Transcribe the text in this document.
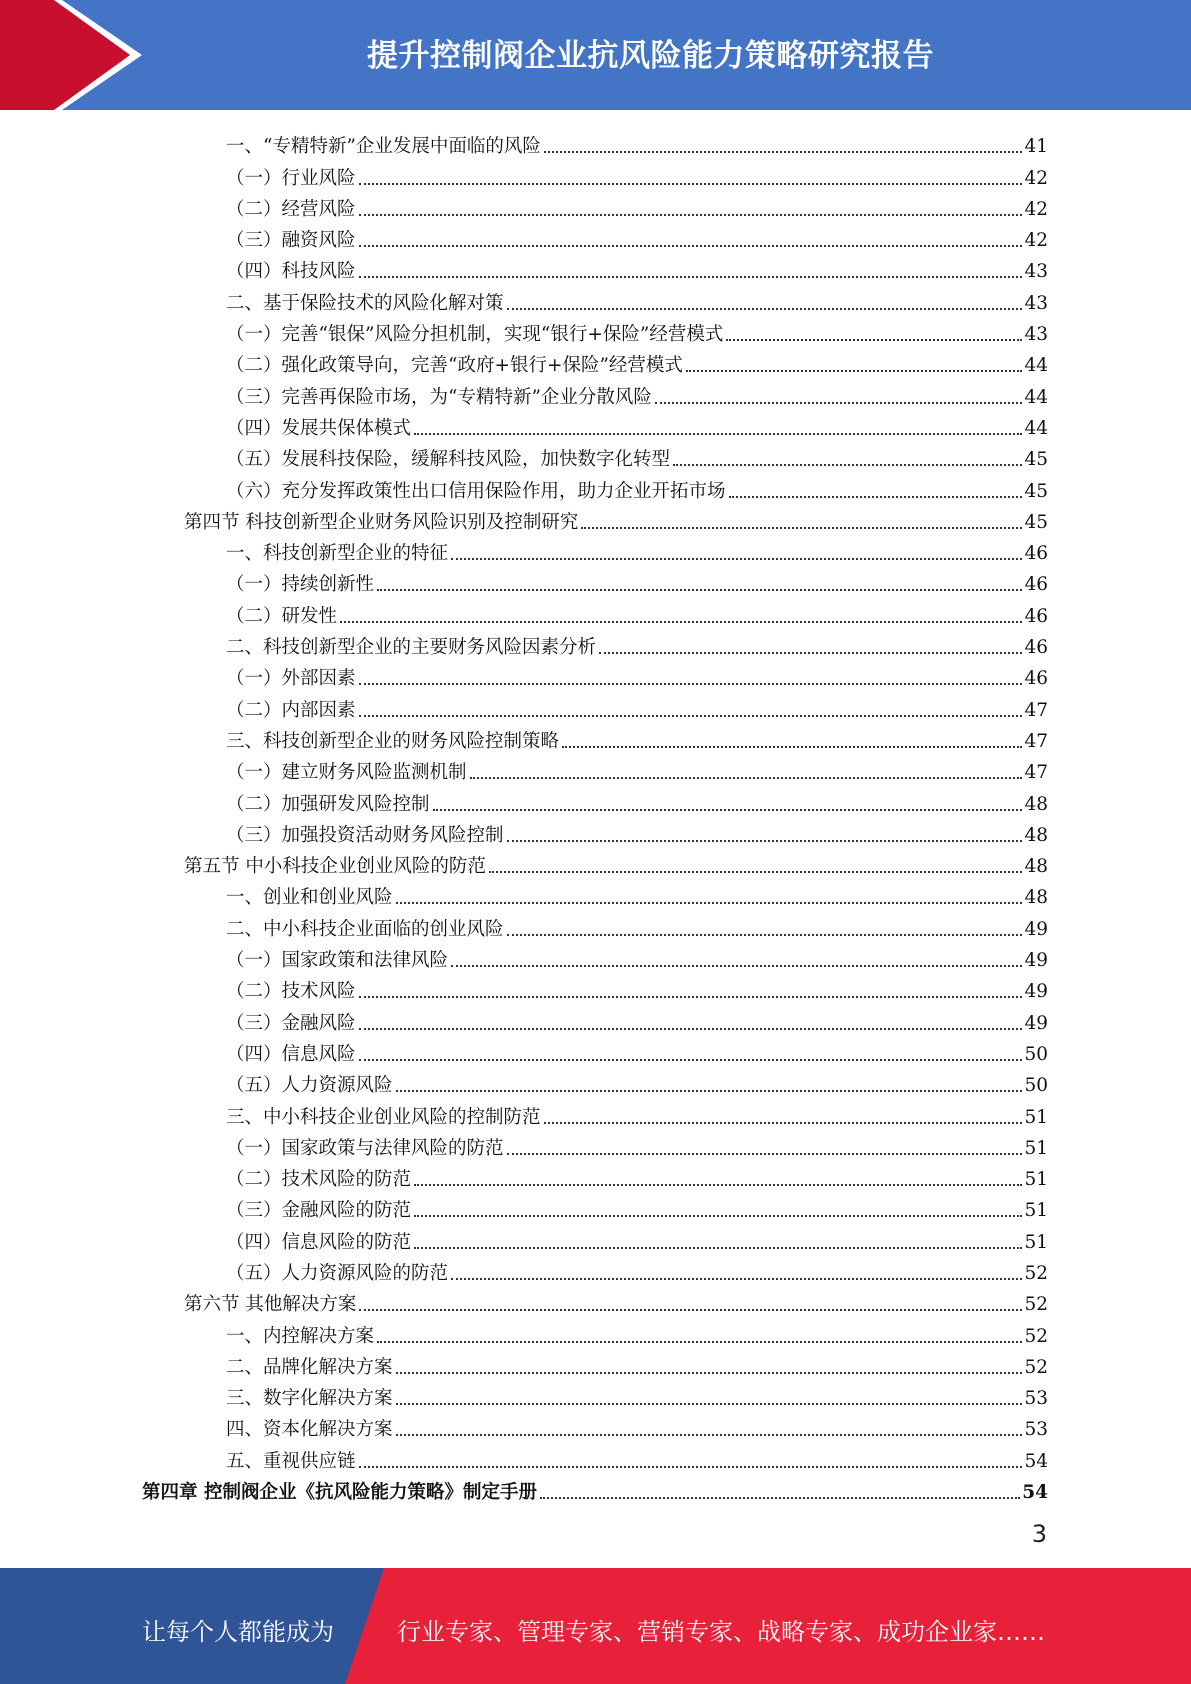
提升控制阀企业抗风险能力策略研究报告
一、“专精特新”企业发展中面临的风险	41
（一）行业风险	42
（二）经营风险	42
（三）融资风险	42
（四）科技风险	43
二、基于保险技术的风险化解对策	43
（一）完善“银保”风险分担机制，实现“银行+保险”经营模式	43
（二）强化政策导向，完善“政府+银行+保险”经营模式	44
（三）完善再保险市场，为“专精特新”企业分散风险	44
（四）发展共保体模式	44
（五）发展科技保险，缓解科技风险，加快数字化转型	45
（六）充分发挥政策性出口信用保险作用，助力企业开拓市场	45
第四节 科技创新型企业财务风险识别及控制研究	45
一、科技创新型企业的特征	46
（一）持续创新性	46
（二）研发性	46
二、科技创新型企业的主要财务风险因素分析	46
（一）外部因素	46
（二）内部因素	47
三、科技创新型企业的财务风险控制策略	47
（一）建立财务风险监测机制	47
（二）加强研发风险控制	48
（三）加强投资活动财务风险控制	48
第五节 中小科技企业创业风险的防范	48
一、创业和创业风险	48
二、中小科技企业面临的创业风险	49
（一）国家政策和法律风险	49
（二）技术风险	49
（三）金融风险	49
（四）信息风险	50
（五）人力资源风险	50
三、中小科技企业创业风险的控制防范	51
（一）国家政策与法律风险的防范	51
（二）技术风险的防范	51
（三）金融风险的防范	51
（四）信息风险的防范	51
（五）人力资源风险的防范	52
第六节 其他解决方案	52
一、内控解决方案	52
二、品牌化解决方案	52
三、数字化解决方案	53
四、资本化解决方案	53
五、重视供应链	54
第四章 控制阀企业《抗风险能力策略》制定手册	54
3
让每个人都能成为	行业专家、管理专家、营销专家、战略专家、成功企业家……
